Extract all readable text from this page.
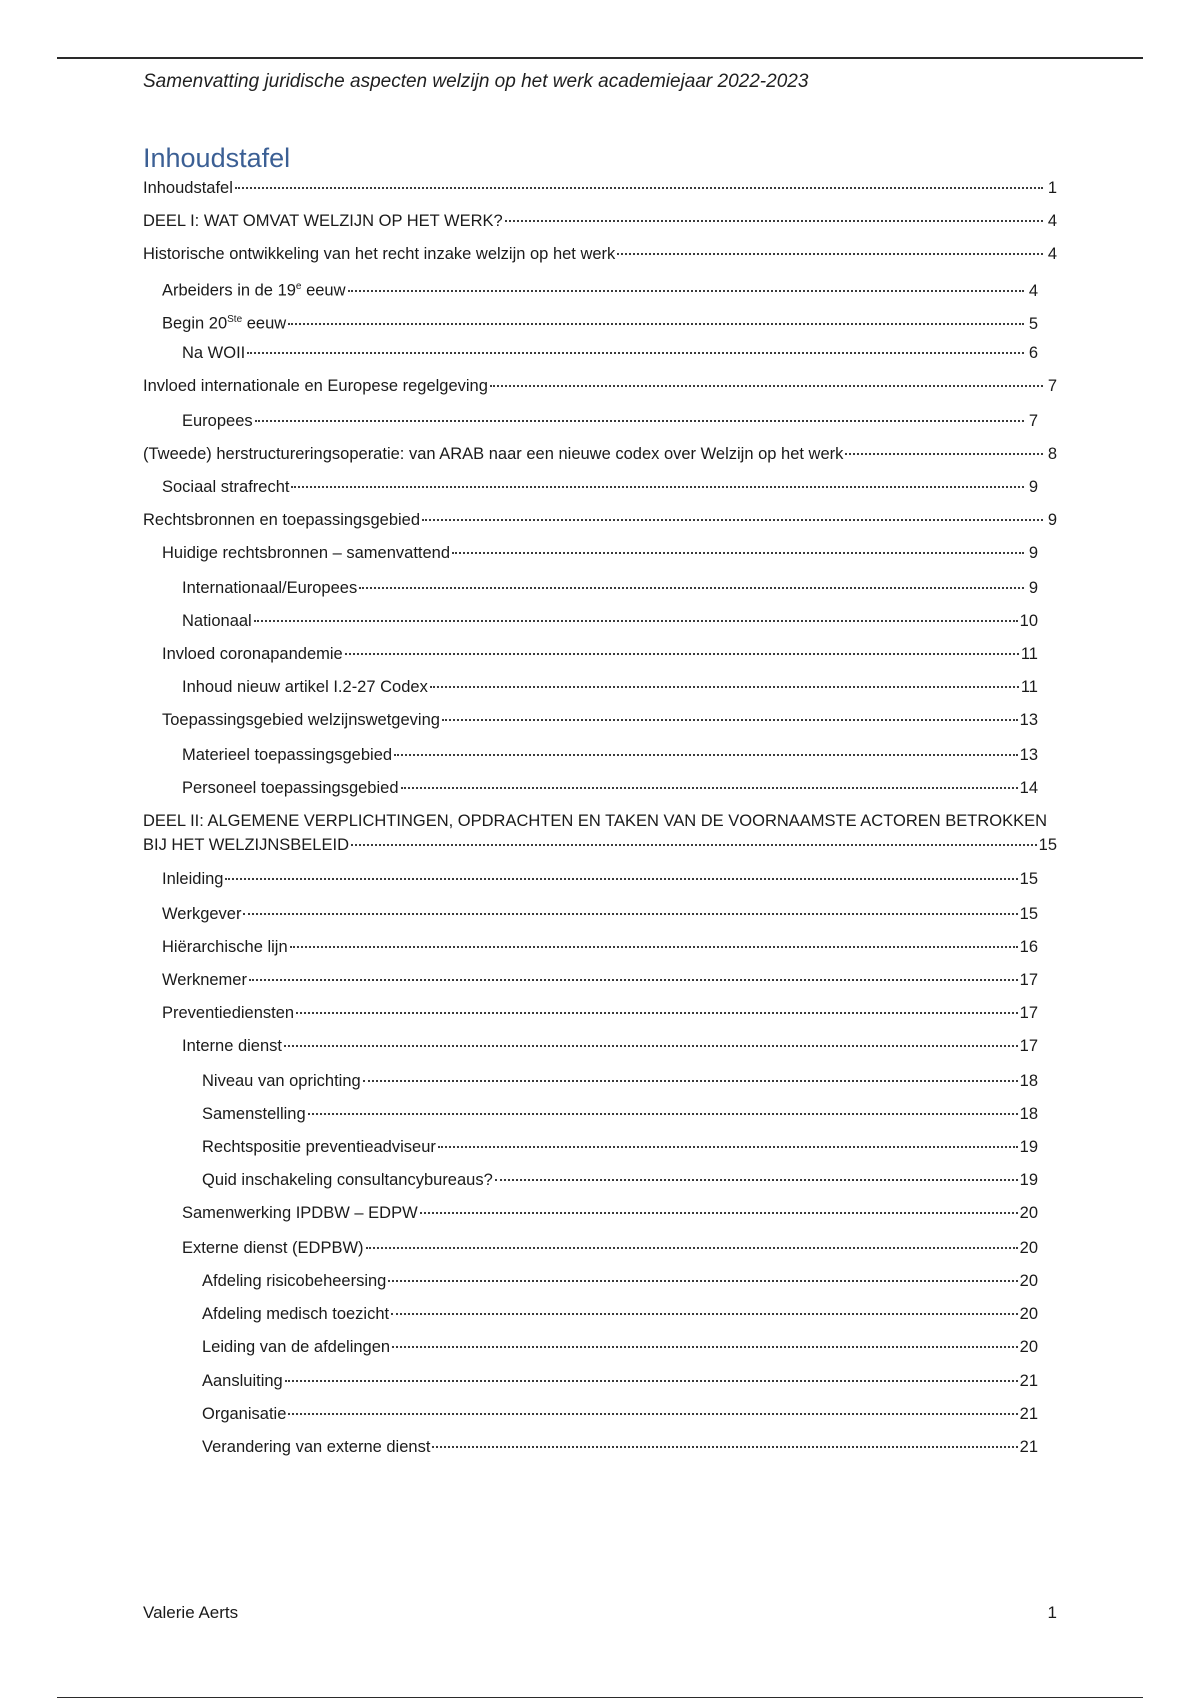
Samenvatting juridische aspecten welzijn op het werk academiejaar 2022-2023
Inhoudstafel
Inhoudstafel	1
DEEL I: WAT OMVAT WELZIJN OP HET WERK?	4
Historische ontwikkeling van het recht inzake welzijn op het werk	4
Arbeiders in de 19e eeuw	4
Begin 20Ste eeuw	5
Na WOII	6
Invloed internationale en Europese regelgeving	7
Europees	7
(Tweede) herstructureringsoperatie: van ARAB naar een nieuwe codex over Welzijn op het werk	8
Sociaal strafrecht	9
Rechtsbronnen en toepassingsgebied	9
Huidige rechtsbronnen – samenvattend	9
Internationaal/Europees	9
Nationaal	10
Invloed coronapandemie	11
Inhoud nieuw artikel I.2-27 Codex	11
Toepassingsgebied welzijnswetgeving	13
Materieel toepassingsgebied	13
Personeel toepassingsgebied	14
DEEL II: ALGEMENE VERPLICHTINGEN, OPDRACHTEN EN TAKEN VAN DE VOORNAAMSTE ACTOREN BETROKKEN
BIJ HET WELZIJNSBELEID	15
Inleiding	15
Werkgever	15
Hiërarchische lijn	16
Werknemer	17
Preventiediensten	17
Interne dienst	17
Niveau van oprichting	18
Samenstelling	18
Rechtspositie preventieadviseur	19
Quid inschakeling consultancybureaus?	19
Samenwerking IPDBW – EDPW	20
Externe dienst (EDPBW)	20
Afdeling risicobeheersing	20
Afdeling medisch toezicht	20
Leiding van de afdelingen	20
Aansluiting	21
Organisatie	21
Verandering van externe dienst	21
Valerie Aerts	1
